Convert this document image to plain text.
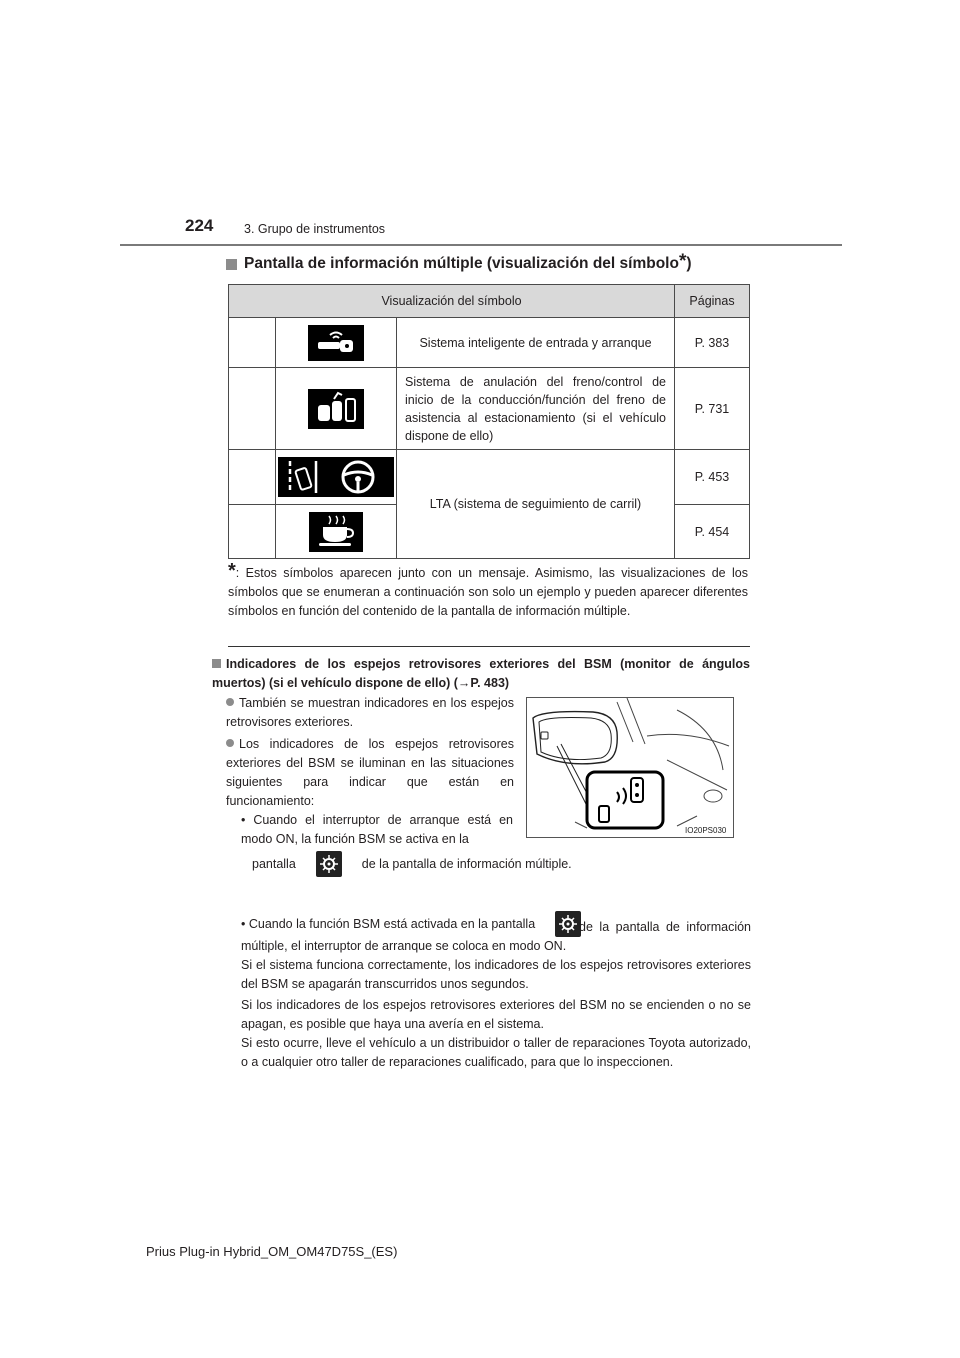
224 3. Grupo de instrumentos
Pantalla de información múltiple (visualización del símbolo* )
Visualización del símbolo			Páginas
		Sistema inteligente de entrada y arranque	P. 383
		Sistema de anulación del freno/control de inicio de la conducción/función del freno de asistencia al estacionamiento (si el vehículo dispone de ello)	P. 731
		LTA (sistema de seguimiento de carril)	P. 453
		P. 454
*: Estos símbolos aparecen junto con un mensaje. Asimismo, las visualizaciones de los símbolos que se enumeran a continuación son solo un ejemplo y pueden aparecer diferentes símbolos en función del contenido de la pantalla de información múltiple.
Indicadores de los espejos retrovisores exteriores del BSM (monitor de ángulos muertos) (si el vehículo dispone de ello) (→P. 483)
También se muestran indicadores en los espejos retrovisores exteriores.
Los indicadores de los espejos retrovisores exteriores del BSM se iluminan en las situaciones siguientes para indicar que están en funcionamiento:
• Cuando el interruptor de arranque está en modo ON, la función BSM se activa en la
pantalla	de la pantalla de información múltiple.
IO20PS030
• Cuando la función BSM está activada en la pantalla	de la pantalla de información múltiple, el interruptor de arranque se coloca en modo ON.
Si el sistema funciona correctamente, los indicadores de los espejos retrovisores exteriores del BSM se apagarán transcurridos unos segundos.
Si los indicadores de los espejos retrovisores exteriores del BSM no se encienden o no se apagan, es posible que haya una avería en el sistema.
Si esto ocurre, lleve el vehículo a un distribuidor o taller de reparaciones Toyota autorizado, o a cualquier otro taller de reparaciones cualificado, para que lo inspeccionen.
Prius Plug-in Hybrid_OM_OM47D75S_(ES)
